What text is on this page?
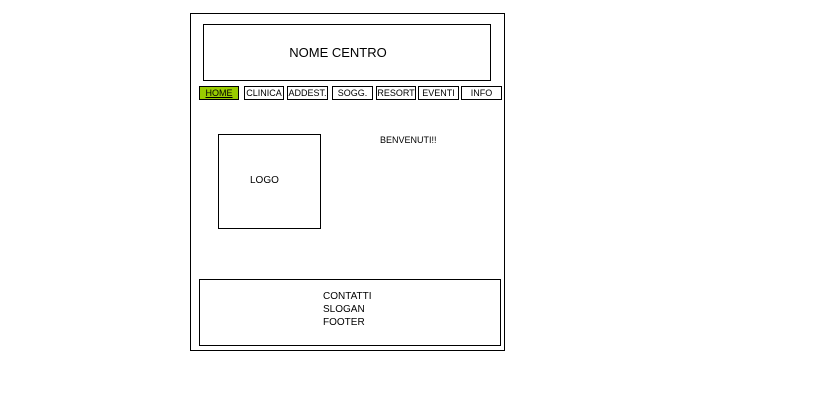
NOME CENTRO
HOME	CLINICA ADDEST.	SOGG.	RESORT EVENTI	INFO
LOGO
BENVENUTI!!
CONTATTI
SLOGAN
FOOTER
